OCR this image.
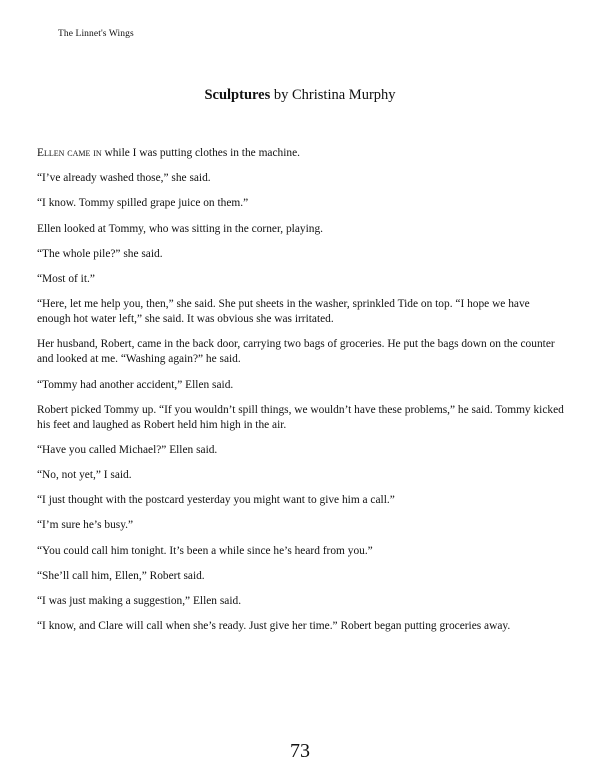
The Linnet's Wings
Sculptures by Christina Murphy

Ellen came in while I was putting clothes in the machine.

“I’ve already washed those,” she said.

“I know. Tommy spilled grape juice on them.”

Ellen looked at Tommy, who was sitting in the corner, playing.

“The whole pile?” she said.

“Most of it.”

“Here, let me help you, then,” she said. She put sheets in the washer, sprinkled Tide on top. “I hope we have enough hot water left,” she said. It was obvious she was irritated.

Her husband, Robert, came in the back door, carrying two bags of groceries. He put the bags down on the counter and looked at me. “Washing again?” he said.

“Tommy had another accident,” Ellen said.

Robert picked Tommy up. “If you wouldn’t spill things, we wouldn’t have these problems,” he said. Tommy kicked his feet and laughed as Robert held him high in the air.

“Have you called Michael?” Ellen said.

“No, not yet,” I said.

“I just thought with the postcard yesterday you might want to give him a call.”

“I’m sure he’s busy.”

“You could call him tonight. It’s been a while since he’s heard from you.”

“She’ll call him, Ellen,” Robert said.

“I was just making a suggestion,” Ellen said.

“I know, and Clare will call when she’s ready. Just give her time.” Robert began putting groceries away.

73
